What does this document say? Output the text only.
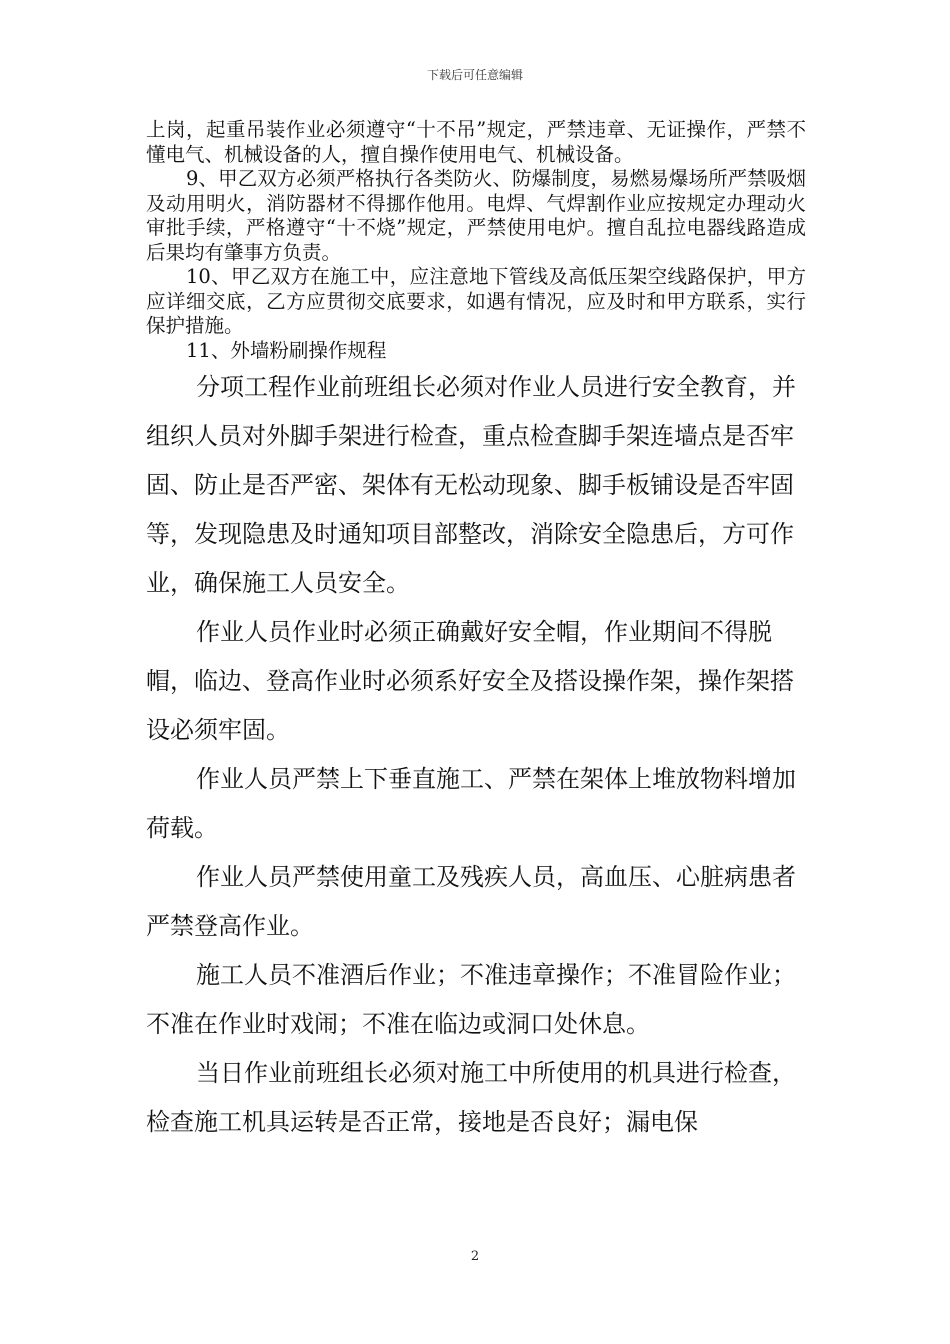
下载后可任意编辑

上岗，起重吊装作业必须遵守“十不吊”规定，严禁违章、无证操作，严禁不懂电气、机械设备的人，擅自操作使用电气、机械设备。

9、甲乙双方必须严格执行各类防火、防爆制度，易燃易爆场所严禁吸烟及动用明火，消防器材不得挪作他用。电焊、气焊割作业应按规定办理动火审批手续，严格遵守“十不烧”规定，严禁使用电炉。擅自乱拉电器线路造成后果均有肇事方负责。

10、甲乙双方在施工中，应注意地下管线及高低压架空线路保护，甲方应详细交底，乙方应贯彻交底要求，如遇有情况，应及时和甲方联系，实行保护措施。

11、外墙粉刷操作规程

分项工程作业前班组长必须对作业人员进行安全教育，并组织人员对外脚手架进行检查，重点检查脚手架连墙点是否牢固、防止是否严密、架体有无松动现象、脚手板铺设是否牢固等，发现隐患及时通知项目部整改，消除安全隐患后，方可作业，确保施工人员安全。

作业人员作业时必须正确戴好安全帽，作业期间不得脱帽，临边、登高作业时必须系好安全及搭设操作架，操作架搭设必须牢固。

作业人员严禁上下垂直施工、严禁在架体上堆放物料增加荷载。

作业人员严禁使用童工及残疾人员，高血压、心脏病患者严禁登高作业。

施工人员不准酒后作业；不准违章操作；不准冒险作业；不准在作业时戏闹；不准在临边或洞口处休息。

当日作业前班组长必须对施工中所使用的机具进行检查，检查施工机具运转是否正常，接地是否良好；漏电保

2
